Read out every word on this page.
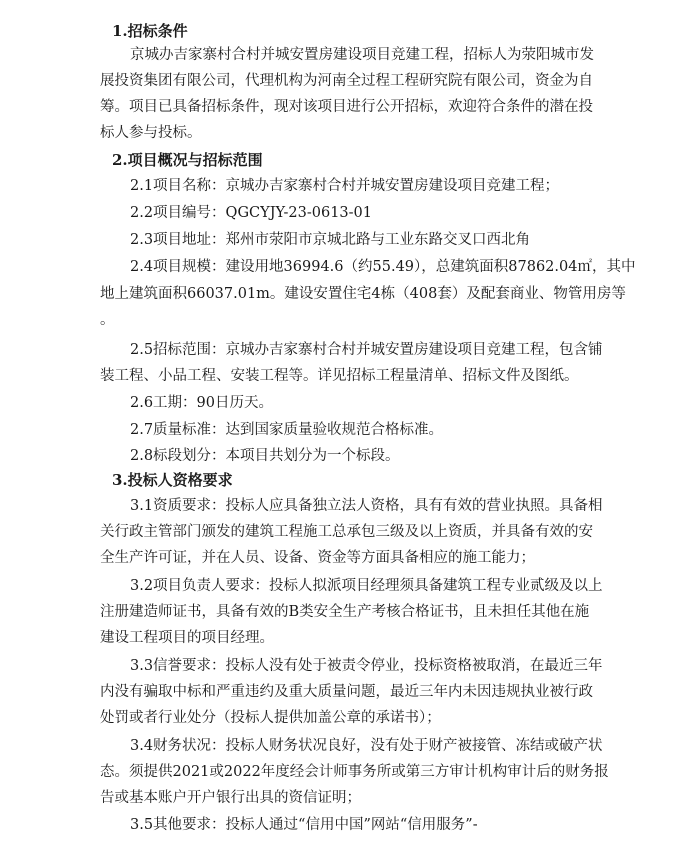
1.招标条件
京城办吉家寨村合村并城安置房建设项目竞建工程，招标人为荥阳城市发
展投资集团有限公司，代理机构为河南全过程工程研究院有限公司，资金为自
筹。项目已具备招标条件，现对该项目进行公开招标，欢迎符合条件的潜在投
标人参与投标。
2.项目概况与招标范围
2.1项目名称：京城办吉家寨村合村并城安置房建设项目竞建工程；
2.2项目编号：QGCYJY-23-0613-01
2.3项目地址：郑州市荥阳市京城北路与工业东路交叉口西北角
2.4项目规模：建设用地36994.6（约55.49），总建筑面积87862.04㎡，其中
地上建筑面积66037.01m。建设安置住宅4栋（408套）及配套商业、物管用房等
。
2.5招标范围：京城办吉家寨村合村并城安置房建设项目竞建工程，包含铺
装工程、小品工程、安装工程等。详见招标工程量清单、招标文件及图纸。
2.6工期：90日历天。
2.7质量标准：达到国家质量验收规范合格标准。
2.8标段划分：本项目共划分为一个标段。
3.投标人资格要求
3.1资质要求：投标人应具备独立法人资格，具有有效的营业执照。具备相
关行政主管部门颁发的建筑工程施工总承包三级及以上资质，并具备有效的安
全生产许可证，并在人员、设备、资金等方面具备相应的施工能力；
3.2项目负责人要求：投标人拟派项目经理须具备建筑工程专业贰级及以上
注册建造师证书，具备有效的B类安全生产考核合格证书，且未担任其他在施
建设工程项目的项目经理。
3.3信誉要求：投标人没有处于被责令停业，投标资格被取消，在最近三年
内没有骗取中标和严重违约及重大质量问题，最近三年内未因违规执业被行政
处罚或者行业处分（投标人提供加盖公章的承诺书）；
3.4财务状况：投标人财务状况良好，没有处于财产被接管、冻结或破产状
态。须提供2021或2022年度经会计师事务所或第三方审计机构审计后的财务报
告或基本账户开户银行出具的资信证明；
3.5其他要求：投标人通过“信用中国”网站“信用服务”-
